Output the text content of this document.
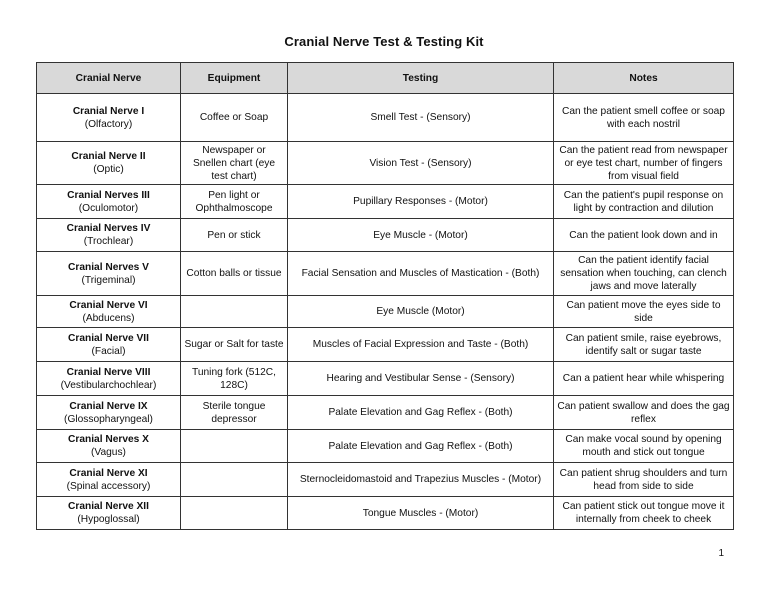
Cranial Nerve Test & Testing Kit
Cranial Nerve	Equipment	Testing	Notes

Cranial Nerve I
(Olfactory)	Coffee or Soap	Smell Test - (Sensory)	Can the patient smell coffee or soap with each nostril

Cranial Nerve II
(Optic)	Newspaper or Snellen chart (eye test chart)	Vision Test - (Sensory)	Can the patient read from newspaper or eye test chart, number of fingers from visual field

Cranial Nerves III
(Oculomotor)	Pen light or Ophthalmoscope	Pupillary Responses - (Motor)	Can the patient's pupil response on light by contraction and dilution

Cranial Nerves IV
(Trochlear)	Pen or stick	Eye Muscle - (Motor)	Can the patient look down and in

Cranial Nerves V
(Trigeminal)	Cotton balls or tissue	Facial Sensation and Muscles of Mastication - (Both)	Can the patient identify facial sensation when touching, can clench jaws and move laterally

Cranial Nerve VI
(Abducens)		Eye Muscle (Motor)	Can patient move the eyes side to side

Cranial Nerve VII
(Facial)	Sugar or Salt for taste	Muscles of Facial Expression and Taste - (Both)	Can patient smile, raise eyebrows, identify salt or sugar taste

Cranial Nerve VIII
(Vestibularchochlear)	Tuning fork (512C, 128C)	Hearing and Vestibular Sense - (Sensory)	Can a patient hear while whispering

Cranial Nerve IX
(Glossopharyngeal)	Sterile tongue depressor	Palate Elevation and Gag Reflex - (Both)	Can patient swallow and does the gag reflex

Cranial Nerves X
(Vagus)		Palate Elevation and Gag Reflex - (Both)	Can make vocal sound by opening mouth and stick out tongue

Cranial Nerve XI
(Spinal accessory)		Sternocleidomastoid and Trapezius Muscles - (Motor)	Can patient shrug shoulders and turn head from side to side

Cranial Nerve XII
(Hypoglossal)		Tongue Muscles - (Motor)	Can patient stick out tongue move it internally from cheek to cheek
1
